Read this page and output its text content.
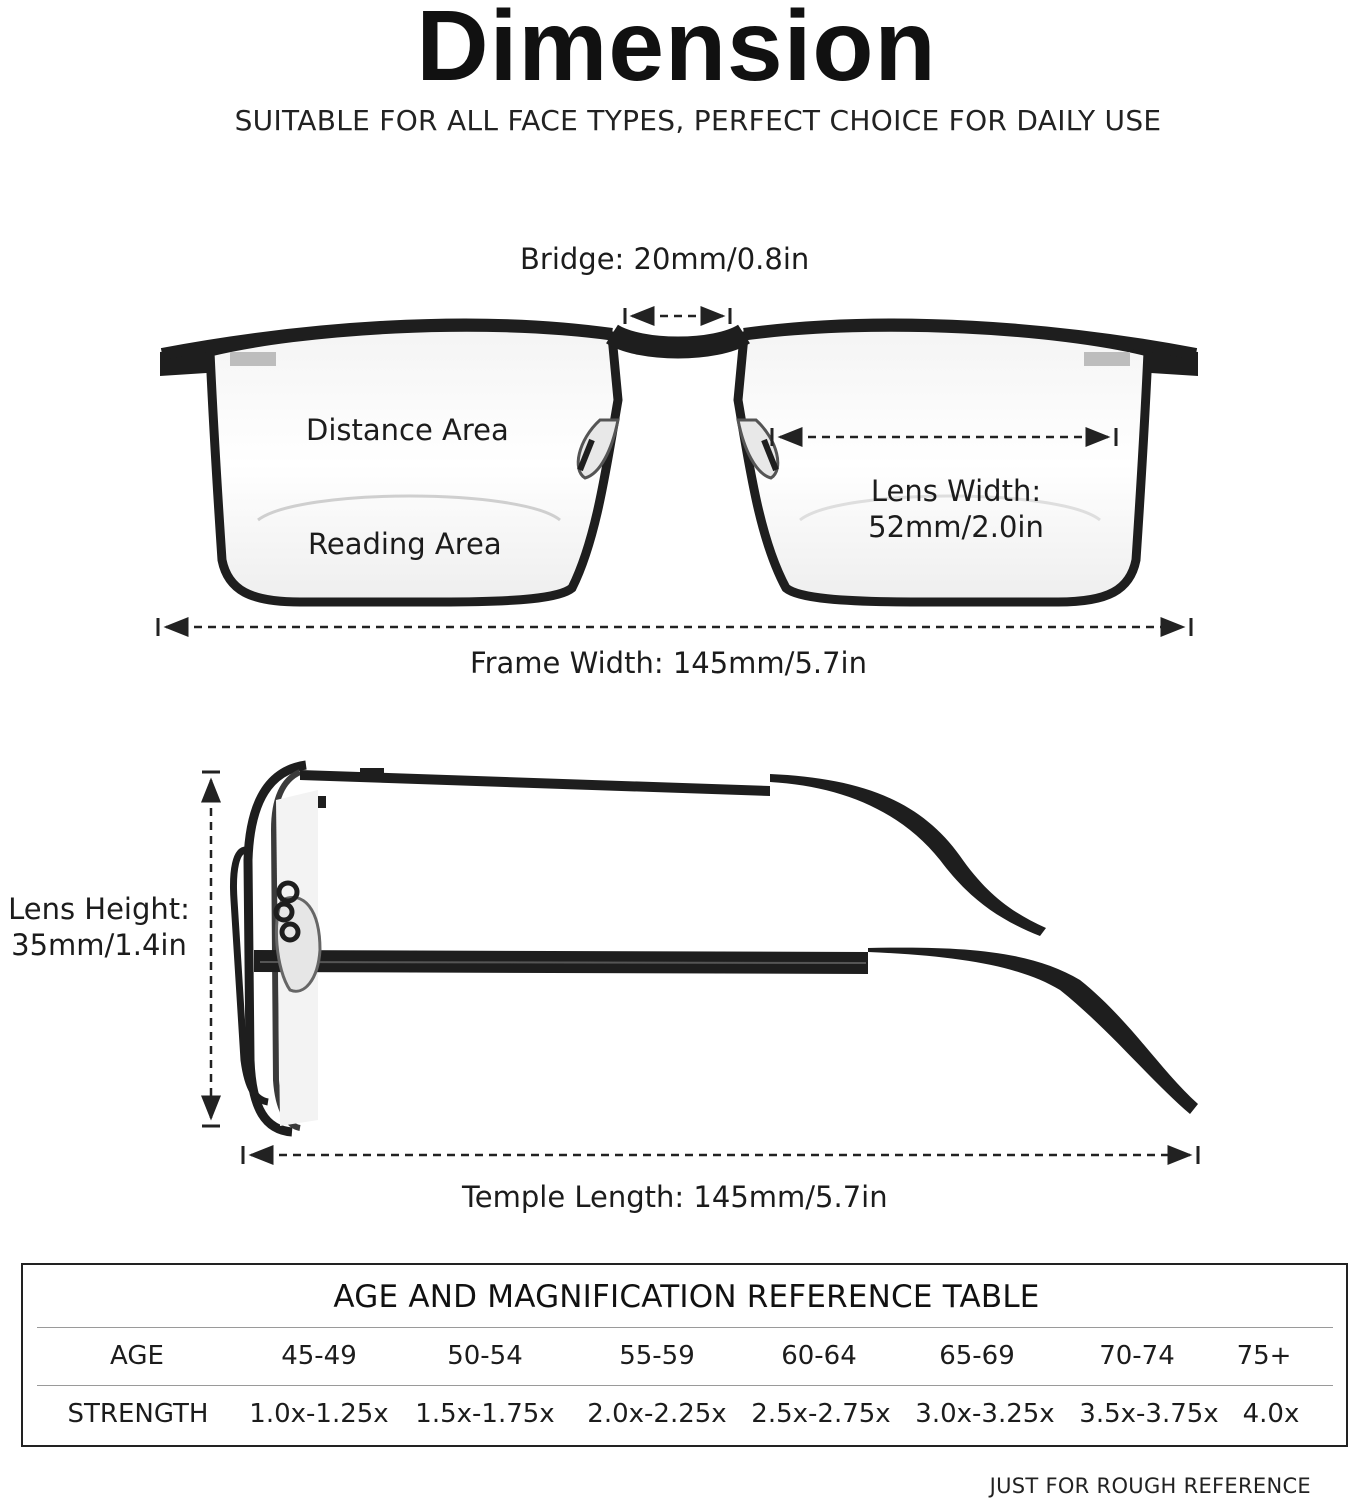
Dimension
SUITABLE FOR ALL FACE TYPES, PERFECT CHOICE FOR DAILY USE
Bridge: 20mm/0.8in
Distance Area
Reading Area
Lens Width:
52mm/2.0in
Frame Width: 145mm/5.7in
Lens Height:
35mm/1.4in
Temple Length: 145mm/5.7in
AGE AND MAGNIFICATION REFERENCE TABLE
AGE	45-49	50-54	55-59	60-64	65-69	70-74	75+
STRENGTH	1.0x-1.25x	1.5x-1.75x	2.0x-2.25x 2.5x-2.75x 3.0x-3.25x 3.5x-3.75x 4.0x
JUST FOR ROUGH REFERENCE
